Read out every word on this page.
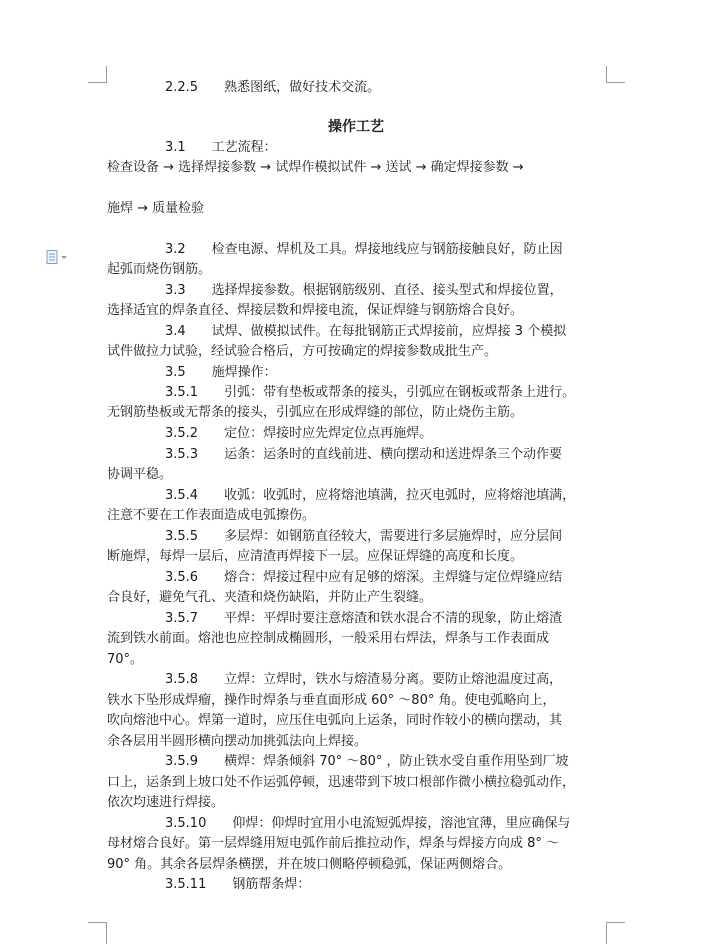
2.2.5　　熟悉图纸，做好技术交流。
操作工艺
3.1　　工艺流程：
检查设备 → 选择焊接参数 → 试焊作模拟试件 → 送试 → 确定焊接参数 →
施焊 → 质量检验
3.2　　检查电源、焊机及工具。焊接地线应与钢筋接触良好，防止因
起弧而烧伤钢筋。
3.3　　选择焊接参数。根据钢筋级别、直径、接头型式和焊接位置，
选择适宜的焊条直径、焊接层数和焊接电流，保证焊缝与钢筋熔合良好。
3.4　　试焊、做模拟试件。在每批钢筋正式焊接前，应焊接 3 个模拟
试件做拉力试验，经试验合格后，方可按确定的焊接参数成批生产。
3.5　　施焊操作：
3.5.1　　引弧：带有垫板或帮条的接头，引弧应在钢板或帮条上进行。
无钢筋垫板或无帮条的接头，引弧应在形成焊缝的部位，防止烧伤主筋。
3.5.2　　定位：焊接时应先焊定位点再施焊。
3.5.3　　运条：运条时的直线前进、横向摆动和送进焊条三个动作要
协调平稳。
3.5.4　　收弧：收弧时，应将熔池填满，拉灭电弧时，应将熔池填满，
注意不要在工作表面造成电弧擦伤。
3.5.5　　多层焊：如钢筋直径较大，需要进行多层施焊时，应分层间
断施焊，每焊一层后，应清渣再焊接下一层。应保证焊缝的高度和长度。
3.5.6　　熔合：焊接过程中应有足够的熔深。主焊缝与定位焊缝应结
合良好，避免气孔、夹渣和烧伤缺陷，并防止产生裂缝。
3.5.7　　平焊：平焊时要注意熔渣和铁水混合不清的现象，防止熔渣
流到铁水前面。熔池也应控制成椭圆形，一般采用右焊法，焊条与工作表面成
70°。
3.5.8　　立焊：立焊时，铁水与熔渣易分离。要防止熔池温度过高，
铁水下坠形成焊瘤，操作时焊条与垂直面形成 60° ～80° 角。使电弧略向上，
吹向熔池中心。焊第一道时，应压住电弧向上运条，同时作较小的横向摆动，其
余各层用半圆形横向摆动加挑弧法向上焊接。
3.5.9　　横焊：焊条倾斜 70° ～80° ，防止铁水受自重作用坠到厂坡
口上，运条到上坡口处不作运弧停顿，迅速带到下坡口根部作微小横拉稳弧动作，
依次均速进行焊接。
3.5.10　　仰焊：仰焊时宜用小电流短弧焊接，溶池宜薄，里应确保与
母材熔合良好。第一层焊缝用短电弧作前后推拉动作，焊条与焊接方向成 8° ～
90° 角。其余各层焊条横摆，并在坡口侧略停顿稳弧，保证两侧熔合。
3.5.11　　钢筋帮条焊：
